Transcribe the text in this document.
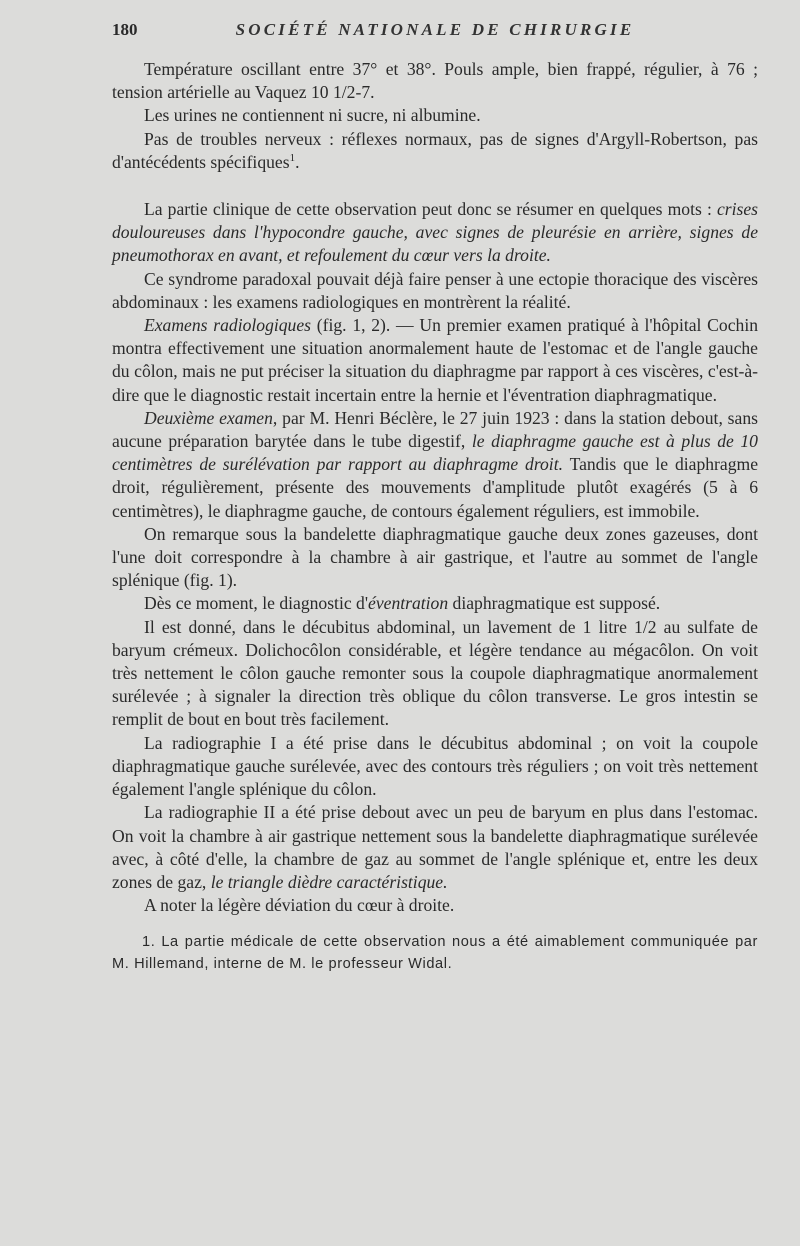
180	SOCIÉTÉ NATIONALE DE CHIRURGIE

Température oscillant entre 37° et 38°. Pouls ample, bien frappé, régulier, à 76 ; tension artérielle au Vaquez 10 1/2-7.

Les urines ne contiennent ni sucre, ni albumine.

Pas de troubles nerveux : réflexes normaux, pas de signes d'Argyll-Robertson, pas d'antécédents spécifiques$^1$.

La partie clinique de cette observation peut donc se résumer en quelques mots : crises douloureuses dans l'hypocondre gauche, avec signes de pleurésie en arrière, signes de pneumothorax en avant, et refoulement du cœur vers la droite.

Ce syndrome paradoxal pouvait déjà faire penser à une ectopie thoracique des viscères abdominaux : les examens radiologiques en montrèrent la réalité.

Examens radiologiques (fig. 1, 2). — Un premier examen pratiqué à l'hôpital Cochin montra effectivement une situation anormalement haute de l'estomac et de l'angle gauche du côlon, mais ne put préciser la situation du diaphragme par rapport à ces viscères, c'est-à-dire que le diagnostic restait incertain entre la hernie et l'éventration diaphragmatique.

Deuxième examen, par M. Henri Béclère, le 27 juin 1923 : dans la station debout, sans aucune préparation barytée dans le tube digestif, le diaphragme gauche est à plus de 10 centimètres de surélévation par rapport au diaphragme droit. Tandis que le diaphragme droit, régulièrement, présente des mouvements d'amplitude plutôt exagérés (5 à 6 centimètres), le diaphragme gauche, de contours également réguliers, est immobile.

On remarque sous la bandelette diaphragmatique gauche deux zones gazeuses, dont l'une doit correspondre à la chambre à air gastrique, et l'autre au sommet de l'angle splénique (fig. 1).

Dès ce moment, le diagnostic d'éventration diaphragmatique est supposé.

Il est donné, dans le décubitus abdominal, un lavement de 1 litre 1/2 au sulfate de baryum crémeux. Dolichocôlon considérable, et légère tendance au mégacôlon. On voit très nettement le côlon gauche remonter sous la coupole diaphragmatique anormalement surélevée ; à signaler la direction très oblique du côlon transverse. Le gros intestin se remplit de bout en bout très facilement.

La radiographie I a été prise dans le décubitus abdominal ; on voit la coupole diaphragmatique gauche surélevée, avec des contours très réguliers ; on voit très nettement également l'angle splénique du côlon.

La radiographie II a été prise debout avec un peu de baryum en plus dans l'estomac. On voit la chambre à air gastrique nettement sous la bandelette diaphragmatique surélevée avec, à côté d'elle, la chambre de gaz au sommet de l'angle splénique et, entre les deux zones de gaz, le triangle dièdre caractéristique.

A noter la légère déviation du cœur à droite.

1. La partie médicale de cette observation nous a été aimablement communiquée par M. Hillemand, interne de M. le professeur Widal.
